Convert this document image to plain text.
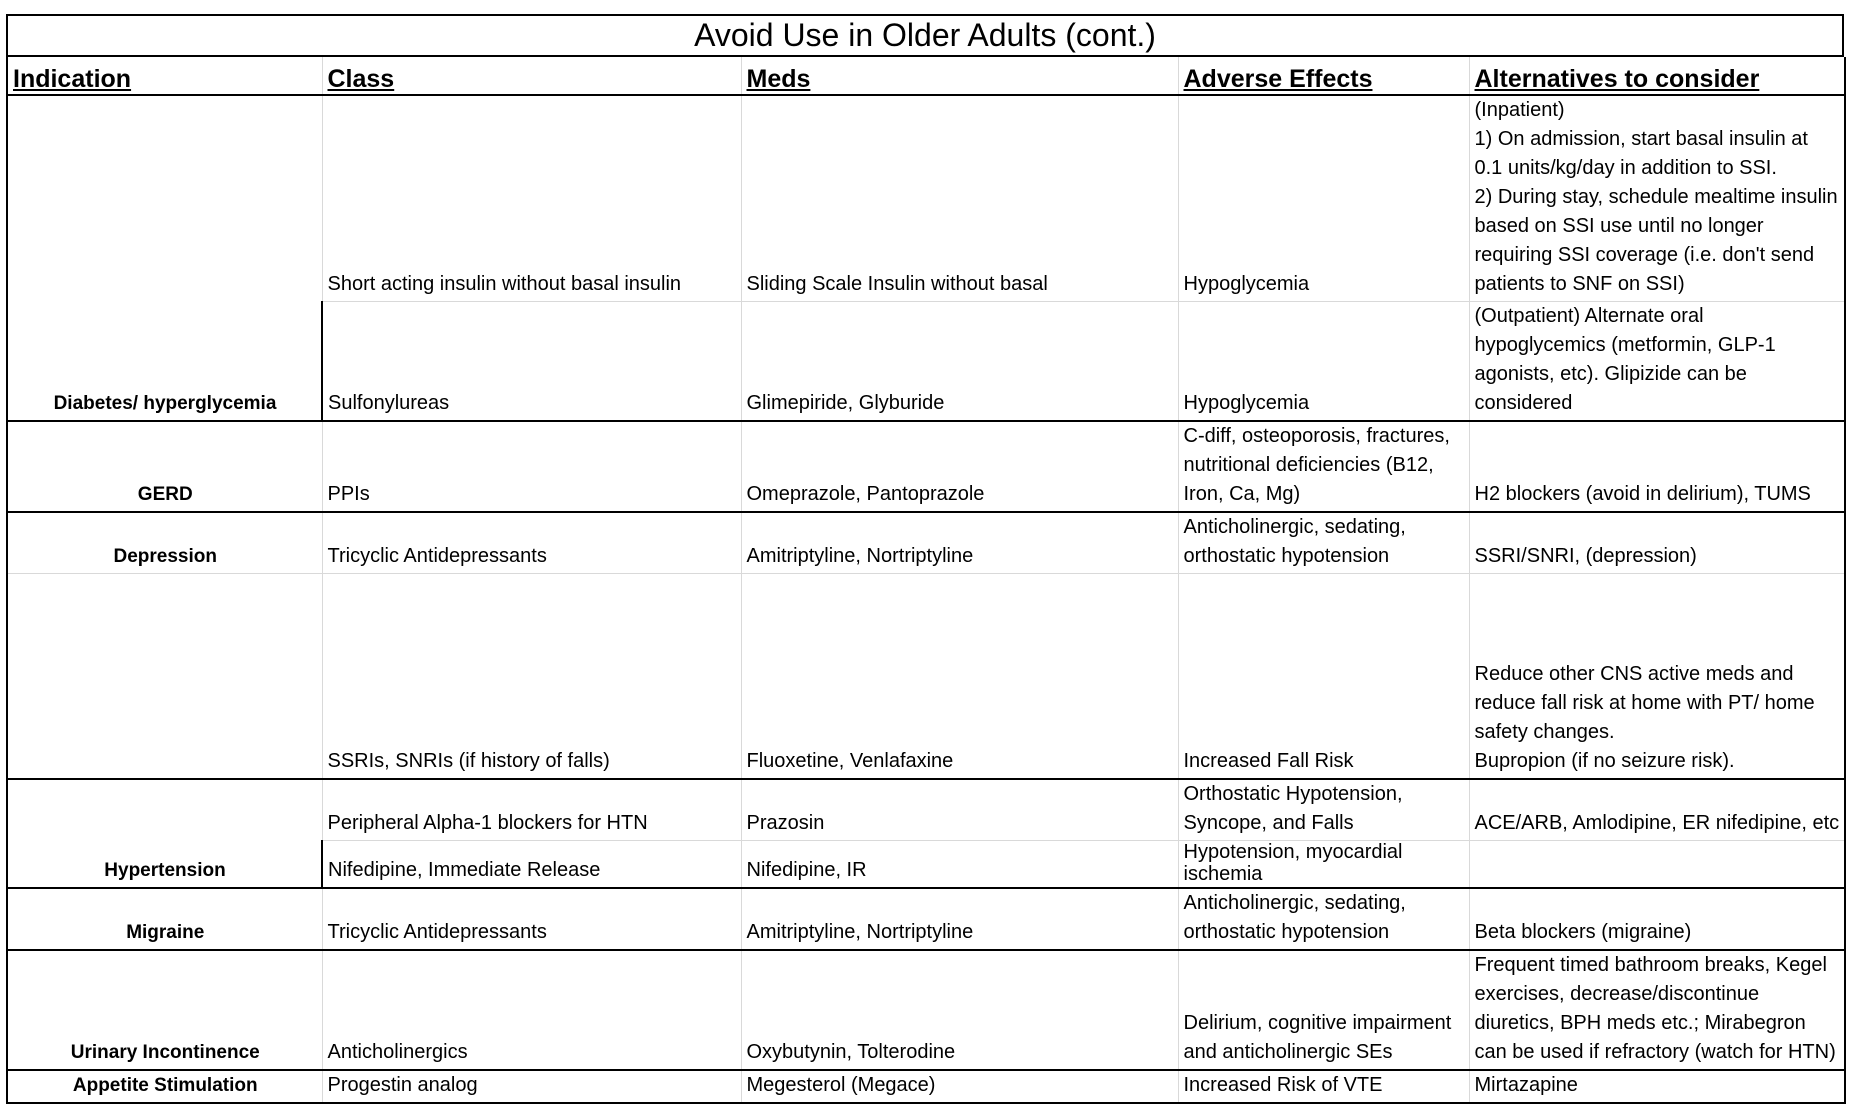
Avoid Use in Older Adults (cont.)
Indication	Class	Meds	Adverse Effects	Alternatives to consider
Diabetes/ hyperglycemia	Short acting insulin without basal insulin	Sliding Scale Insulin without basal	Hypoglycemia	(Inpatient)
1) On admission, start basal insulin at 0.1 units/kg/day in addition to SSI.
2) During stay, schedule mealtime insulin based on SSI use until no longer requiring SSI coverage (i.e. don't send patients to SNF on SSI)
	Sulfonylureas	Glimepiride, Glyburide	Hypoglycemia	(Outpatient) Alternate oral hypoglycemics (metformin, GLP-1 agonists, etc). Glipizide can be considered
GERD	PPIs	Omeprazole, Pantoprazole	C-diff, osteoporosis, fractures, nutritional deficiencies (B12, Iron, Ca, Mg)	H2 blockers (avoid in delirium), TUMS
Depression	Tricyclic Antidepressants	Amitriptyline, Nortriptyline	Anticholinergic, sedating, orthostatic hypotension	SSRI/SNRI, (depression)
	SSRIs, SNRIs (if history of falls)	Fluoxetine, Venlafaxine	Increased Fall Risk	Reduce other CNS active meds and reduce fall risk at home with PT/ home safety changes.
Bupropion (if no seizure risk).
Hypertension	Peripheral Alpha-1 blockers for HTN	Prazosin	Orthostatic Hypotension, Syncope, and Falls	ACE/ARB, Amlodipine, ER nifedipine, etc
	Nifedipine, Immediate Release	Nifedipine, IR	Hypotension, myocardial ischemia	
Migraine	Tricyclic Antidepressants	Amitriptyline, Nortriptyline	Anticholinergic, sedating, orthostatic hypotension	Beta blockers (migraine)
Urinary Incontinence	Anticholinergics	Oxybutynin, Tolterodine	Delirium, cognitive impairment and anticholinergic SEs	Frequent timed bathroom breaks, Kegel exercises, decrease/discontinue diuretics, BPH meds etc.; Mirabegron can be used if refractory (watch for HTN)
Appetite Stimulation	Progestin analog	Megesterol (Megace)	Increased Risk of VTE	Mirtazapine
